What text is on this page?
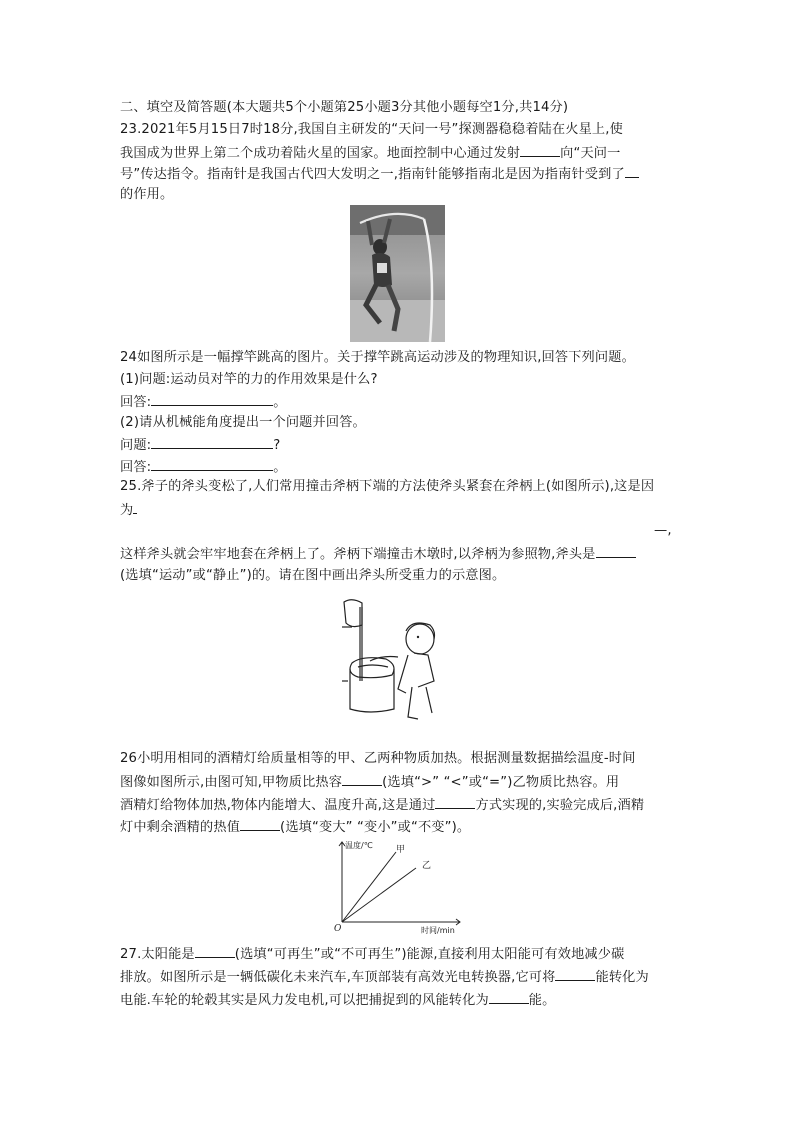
二、填空及简答题(本大题共5个小题第25小题3分其他小题每空1分,共14分)
23.2021年5月15日7时18分,我国自主研发的“天问一号”探测器稳稳着陆在火星上,使
我国成为世界上第二个成功着陆火星的国家。地面控制中心通过发射	向“天问一
号”传达指令。指南针是我国古代四大发明之一,指南针能够指南北是因为指南针受到了
的作用。
24如图所示是一幅撑竿跳高的图片。关于撑竿跳高运动涉及的物理知识,回答下列问题。
(1)问题:运动员对竿的力的作用效果是什么?
回答:	。
(2)请从机械能角度提出一个问题并回答。
问题:	?
回答:	。
25.斧子的斧头变松了,人们常用撞击斧柄下端的方法使斧头紧套在斧柄上(如图所示),这是因
为
—,
这样斧头就会牢牢地套在斧柄上了。斧柄下端撞击木墩时,以斧柄为参照物,斧头是
(选填“运动”或“静止”)的。请在图中画出斧头所受重力的示意图。
26小明用相同的酒精灯给质量相等的甲、乙两种物质加热。根据测量数据描绘温度-时间
图像如图所示,由图可知,甲物质比热容	(选填“>” “<”或“=”)乙物质比热容。用
酒精灯给物体加热,物体内能增大、温度升高,这是通过	方式实现的,实验完成后,酒精
灯中剩余酒精的热值	(选填“变大” “变小”或“不变”)。
温度/℃
时间/min
O
甲
乙
27.太阳能是	(选填“可再生”或“不可再生”)能源,直接利用太阳能可有效地减少碳
排放。如图所示是一辆低碳化未来汽车,车顶部装有高效光电转换器,它可将	能转化为
电能.车轮的轮毂其实是风力发电机,可以把捕捉到的风能转化为	能。
